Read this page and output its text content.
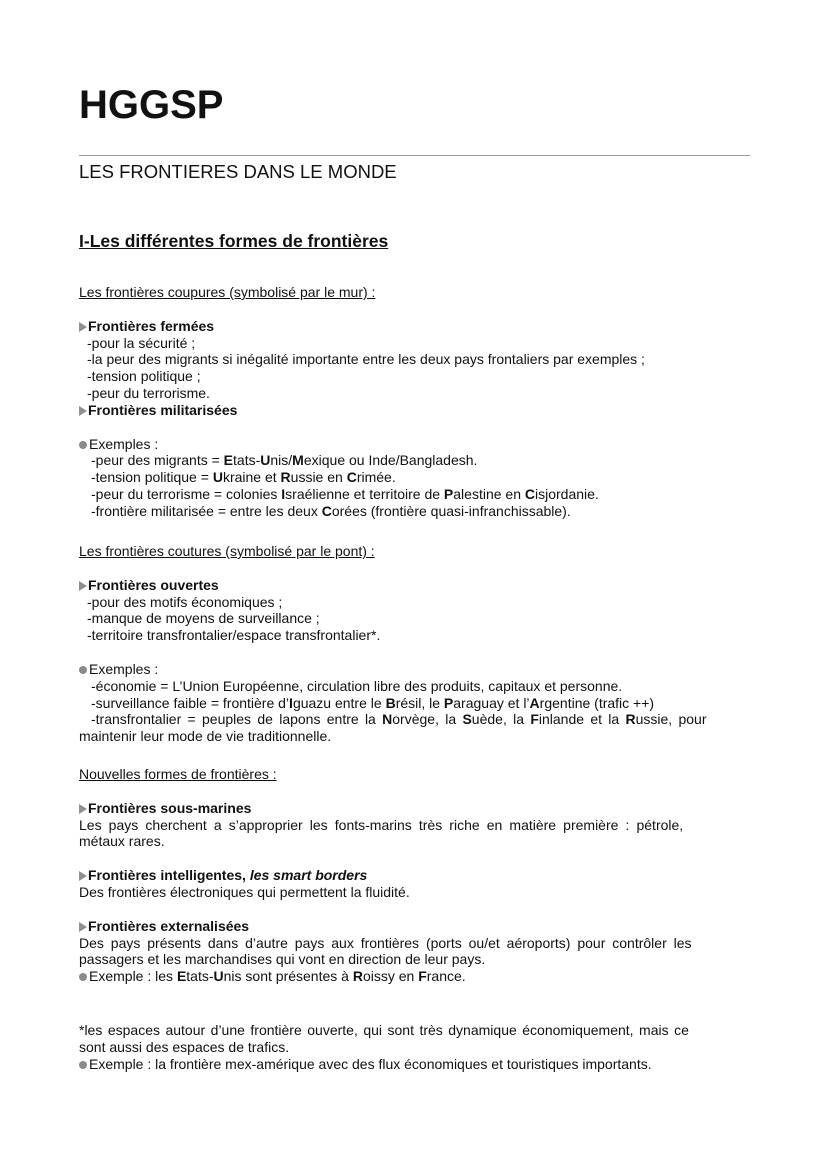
HGGSP
LES FRONTIERES DANS LE MONDE
I-Les différentes formes de frontières
Les frontières coupures (symbolisé par le mur) :
Frontières fermées
-pour la sécurité ;
-la peur des migrants si inégalité importante entre les deux pays frontaliers par exemples ;
-tension politique ;
-peur du terrorisme.
Frontières militarisées
Exemples :
-peur des migrants = Etats-Unis/Mexique ou Inde/Bangladesh.
-tension politique = Ukraine et Russie en Crimée.
-peur du terrorisme = colonies Israélienne et territoire de Palestine en Cisjordanie.
-frontière militarisée = entre les deux Corées (frontière quasi-infranchissable).
Les frontières coutures (symbolisé par le pont) :
Frontières ouvertes
-pour des motifs économiques ;
-manque de moyens de surveillance ;
-territoire transfrontalier/espace transfrontalier*.
Exemples :
-économie = L’Union Européenne, circulation libre des produits, capitaux et personne.
-surveillance faible = frontière d’Iguazu entre le Brésil, le Paraguay et l’Argentine (trafic ++)
-transfrontalier = peuples de lapons entre la Norvège, la Suède, la Finlande et la Russie, pour
maintenir leur mode de vie traditionnelle.
Nouvelles formes de frontières :
Frontières sous-marines
Les pays cherchent a s’approprier les fonts-marins très riche en matière première : pétrole,
métaux rares.
Frontières intelligentes, les smart borders
Des frontières électroniques qui permettent la fluidité.
Frontières externalisées
Des pays présents dans d’autre pays aux frontières (ports ou/et aéroports) pour contrôler les
passagers et les marchandises qui vont en direction de leur pays.
Exemple : les Etats-Unis sont présentes à Roissy en France.
*les espaces autour d’une frontière ouverte, qui sont très dynamique économiquement, mais ce
sont aussi des espaces de trafics.
Exemple : la frontière mex-amérique avec des flux économiques et touristiques importants.
